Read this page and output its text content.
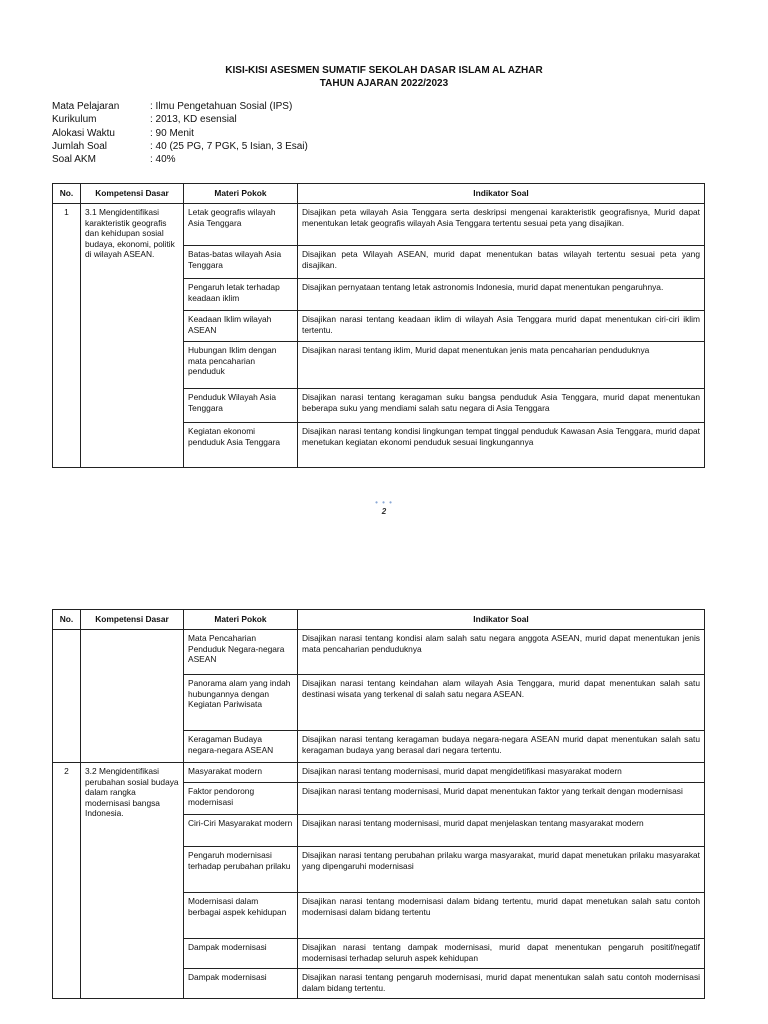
KISI-KISI ASESMEN SUMATIF SEKOLAH DASAR ISLAM AL AZHAR
TAHUN AJARAN 2022/2023
Mata Pelajaran	: Ilmu Pengetahuan Sosial (IPS)
Kurikulum	: 2013, KD esensial
Alokasi Waktu	: 90 Menit
Jumlah Soal	: 40 (25 PG, 7 PGK, 5 Isian, 3 Esai)
Soal AKM	: 40%
No.	Kompetensi Dasar	Materi Pokok	Indikator Soal
1	3.1 Mengidentifikasi karakteristik geografis dan kehidupan sosial budaya, ekonomi, politik di wilayah ASEAN.	Letak geografis wilayah Asia Tenggara	Disajikan peta wilayah Asia Tenggara serta deskripsi mengenai karakteristik geografisnya, Murid dapat menentukan letak geografis wilayah Asia Tenggara tertentu sesuai peta yang disajikan.
		Batas-batas wilayah Asia Tenggara	Disajikan peta Wilayah ASEAN, murid dapat menentukan batas wilayah tertentu sesuai peta yang disajikan.
		Pengaruh letak terhadap keadaan iklim	Disajikan pernyataan tentang letak astronomis Indonesia, murid dapat menentukan pengaruhnya.
		Keadaan Iklim wilayah ASEAN	Disajikan narasi tentang keadaan iklim di wilayah Asia Tenggara murid dapat menentukan ciri-ciri iklim tertentu.
		Hubungan Iklim dengan mata pencaharian penduduk	Disajikan narasi tentang iklim, Murid dapat menentukan jenis mata pencaharian penduduknya
		Penduduk Wilayah Asia Tenggara	Disajikan narasi tentang keragaman suku bangsa penduduk Asia Tenggara, murid dapat menentukan beberapa suku yang mendiami salah satu negara di Asia Tenggara
		Kegiatan ekonomi penduduk Asia Tenggara	Disajikan narasi tentang kondisi lingkungan tempat tinggal penduduk Kawasan Asia Tenggara, murid dapat menetukan kegiatan ekonomi penduduk sesuai lingkungannya
• • •
2
No.	Kompetensi Dasar	Materi Pokok	Indikator Soal
		Mata Pencaharian Penduduk Negara-negara ASEAN	Disajikan narasi tentang kondisi alam salah satu negara anggota ASEAN, murid dapat menentukan jenis mata pencaharian penduduknya
		Panorama alam yang indah hubungannya dengan Kegiatan Pariwisata	Disajikan narasi tentang keindahan alam wilayah Asia Tenggara, murid dapat menentukan salah satu destinasi wisata yang terkenal di salah satu negara ASEAN.
		Keragaman Budaya negara-negara ASEAN	Disajikan narasi tentang keragaman budaya negara-negara ASEAN murid dapat menentukan salah satu keragaman budaya yang berasal dari negara tertentu.
2	3.2 Mengidentifikasi perubahan sosial budaya dalam rangka modernisasi bangsa Indonesia.	Masyarakat modern	Disajikan narasi tentang modernisasi, murid dapat mengidetifikasi masyarakat modern
		Faktor pendorong modernisasi	Disajikan narasi tentang modernisasi, Murid dapat menentukan faktor yang terkait dengan modernisasi
		Ciri-Ciri Masyarakat modern	Disajikan narasi tentang modernisasi, murid dapat menjelaskan tentang masyarakat modern
		Pengaruh modernisasi terhadap perubahan prilaku	Disajikan narasi tentang perubahan prilaku warga masyarakat, murid dapat menetukan prilaku masyarakat yang dipengaruhi modernisasi
		Modernisasi dalam berbagai aspek kehidupan	Disajikan narasi tentang modernisasi dalam bidang tertentu, murid dapat menetukan salah satu contoh modernisasi dalam bidang tertentu
		Dampak modernisasi	Disajikan narasi tentang dampak modernisasi, murid dapat menentukan pengaruh positif/negatif modernisasi terhadap seluruh aspek kehidupan
		Dampak modernisasi	Disajikan narasi tentang pengaruh modernisasi, murid dapat menentukan salah satu contoh modernisasi dalam bidang tertentu.
